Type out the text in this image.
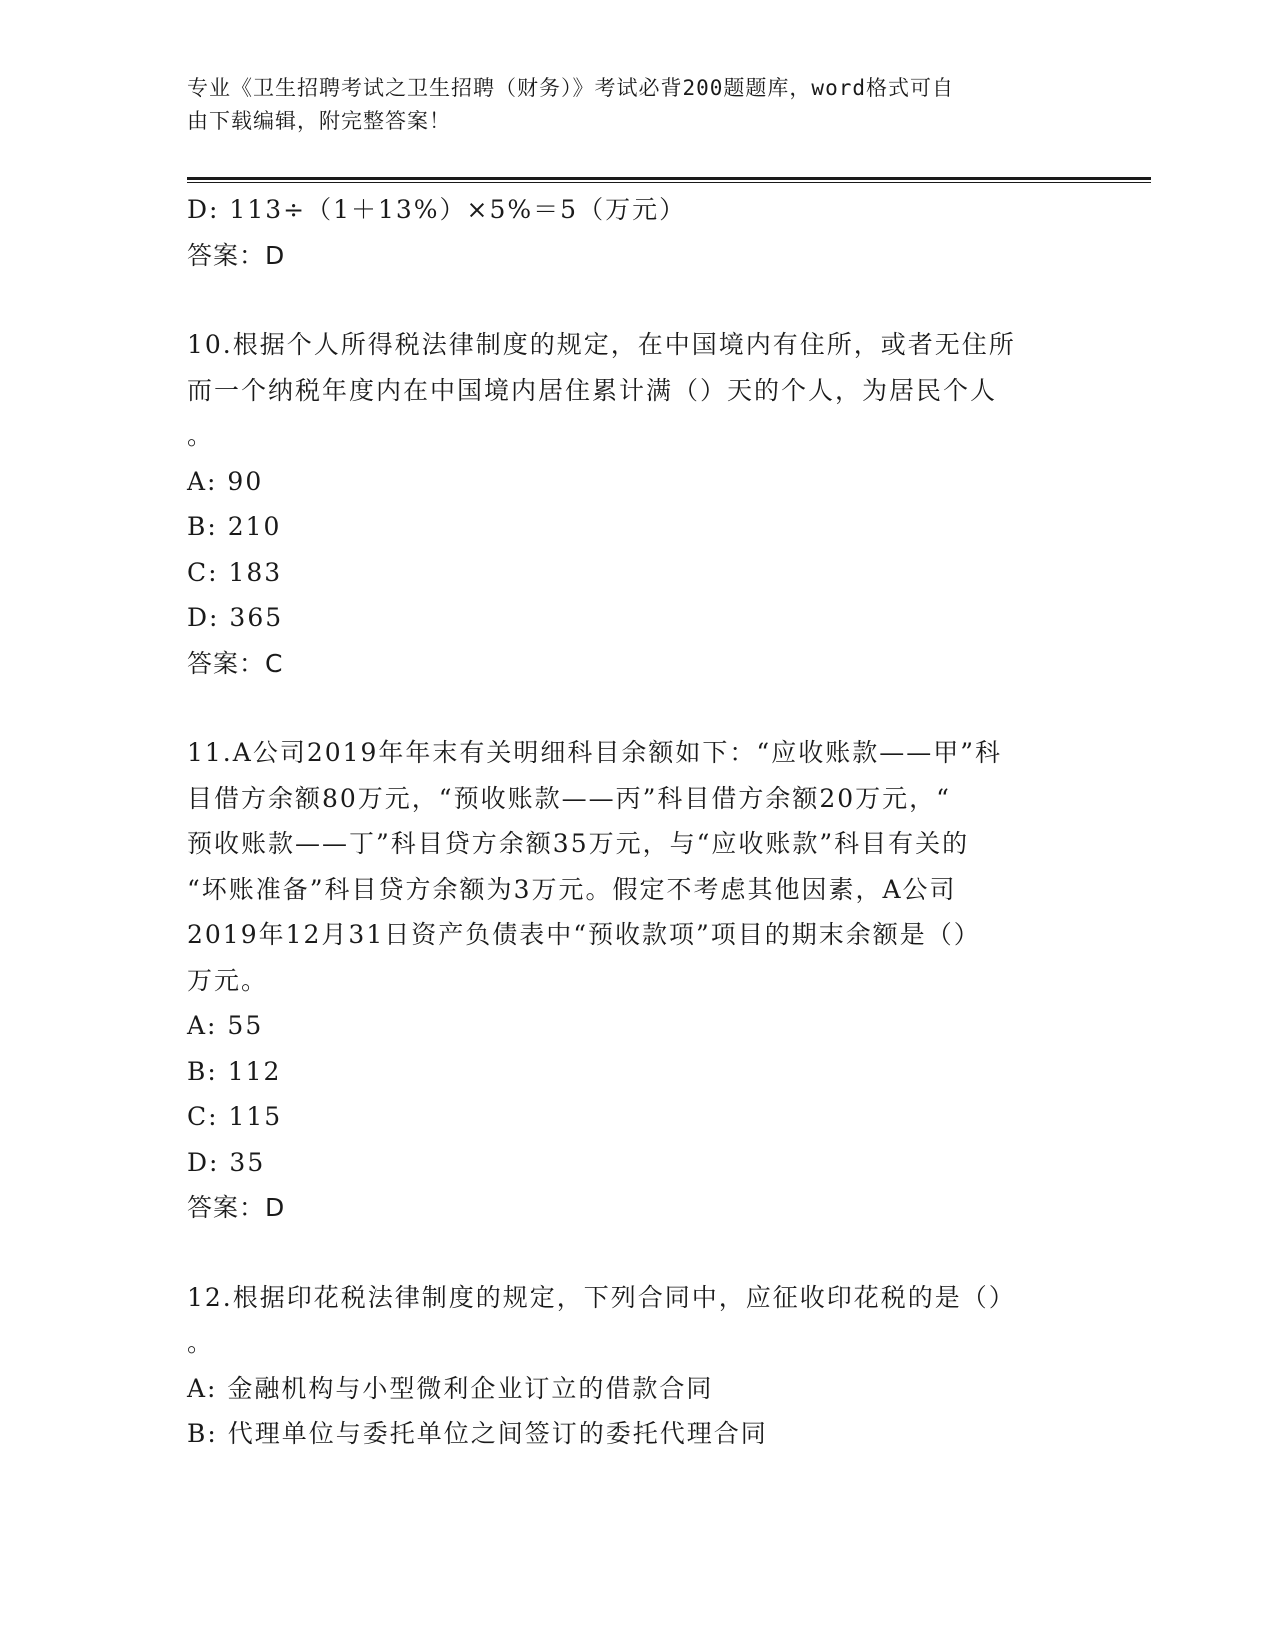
专业《卫生招聘考试之卫生招聘（财务）》考试必背200题题库，word格式可自
由下载编辑，附完整答案！
D: 113÷（1＋13%）×5%＝5（万元）
答案：D
10.根据个人所得税法律制度的规定，在中国境内有住所，或者无住所
而一个纳税年度内在中国境内居住累计满（）天的个人，为居民个人
。
A: 90
B: 210
C: 183
D: 365
答案：C
11.A公司2019年年末有关明细科目余额如下：“应收账款——甲”科
目借方余额80万元，“预收账款——丙”科目借方余额20万元，“
预收账款——丁”科目贷方余额35万元，与“应收账款”科目有关的
“坏账准备”科目贷方余额为3万元。假定不考虑其他因素，A公司
2019年12月31日资产负债表中“预收款项”项目的期末余额是（）
万元。
A: 55
B: 112
C: 115
D: 35
答案：D
12.根据印花税法律制度的规定，下列合同中，应征收印花税的是（）
。
A: 金融机构与小型微利企业订立的借款合同
B: 代理单位与委托单位之间签订的委托代理合同
